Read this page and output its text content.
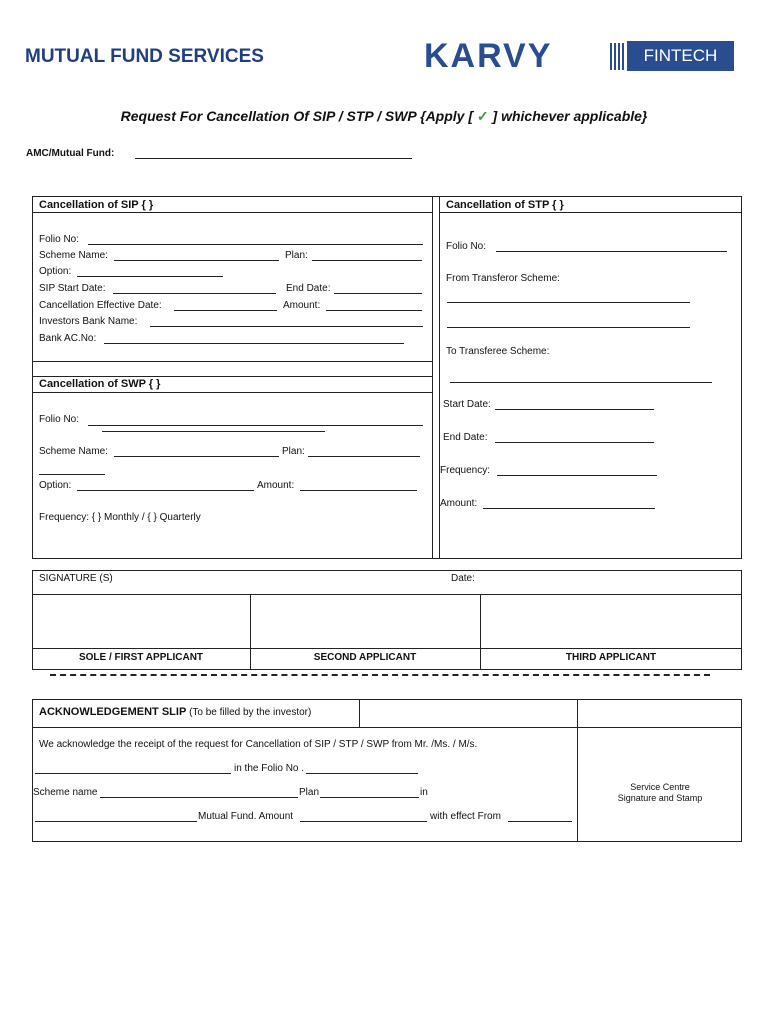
MUTUAL FUND SERVICES	KARVY	FINTECH
Request For Cancellation Of SIP / STP / SWP {Apply [ ✓ ] whichever applicable}
AMC/Mutual Fund:
Cancellation of SIP { }
Folio No:
Scheme Name:	Plan:
Option:
SIP Start Date:	End Date:
Cancellation Effective Date:	Amount:
Investors Bank Name:
Bank AC.No:
Cancellation of SWP { }
Folio No:
Scheme Name:	Plan:
Option:	Amount:
Frequency: { } Monthly / { } Quarterly
Cancellation of STP { }
Folio No:
From Transferor Scheme:
To Transferee Scheme:
Start Date:
End Date:
Frequency:
Amount:
SIGNATURE (S)	Date:
SOLE / FIRST APPLICANT	SECOND APPLICANT	THIRD APPLICANT
ACKNOWLEDGEMENT SLIP (To be filled by the investor)
We acknowledge the receipt of the request for Cancellation of SIP / STP / SWP from Mr. /Ms. / M/s.
in the Folio No .
Scheme name	Plan	in
Mutual Fund. Amount	with effect From
Service Centre
Signature and Stamp
